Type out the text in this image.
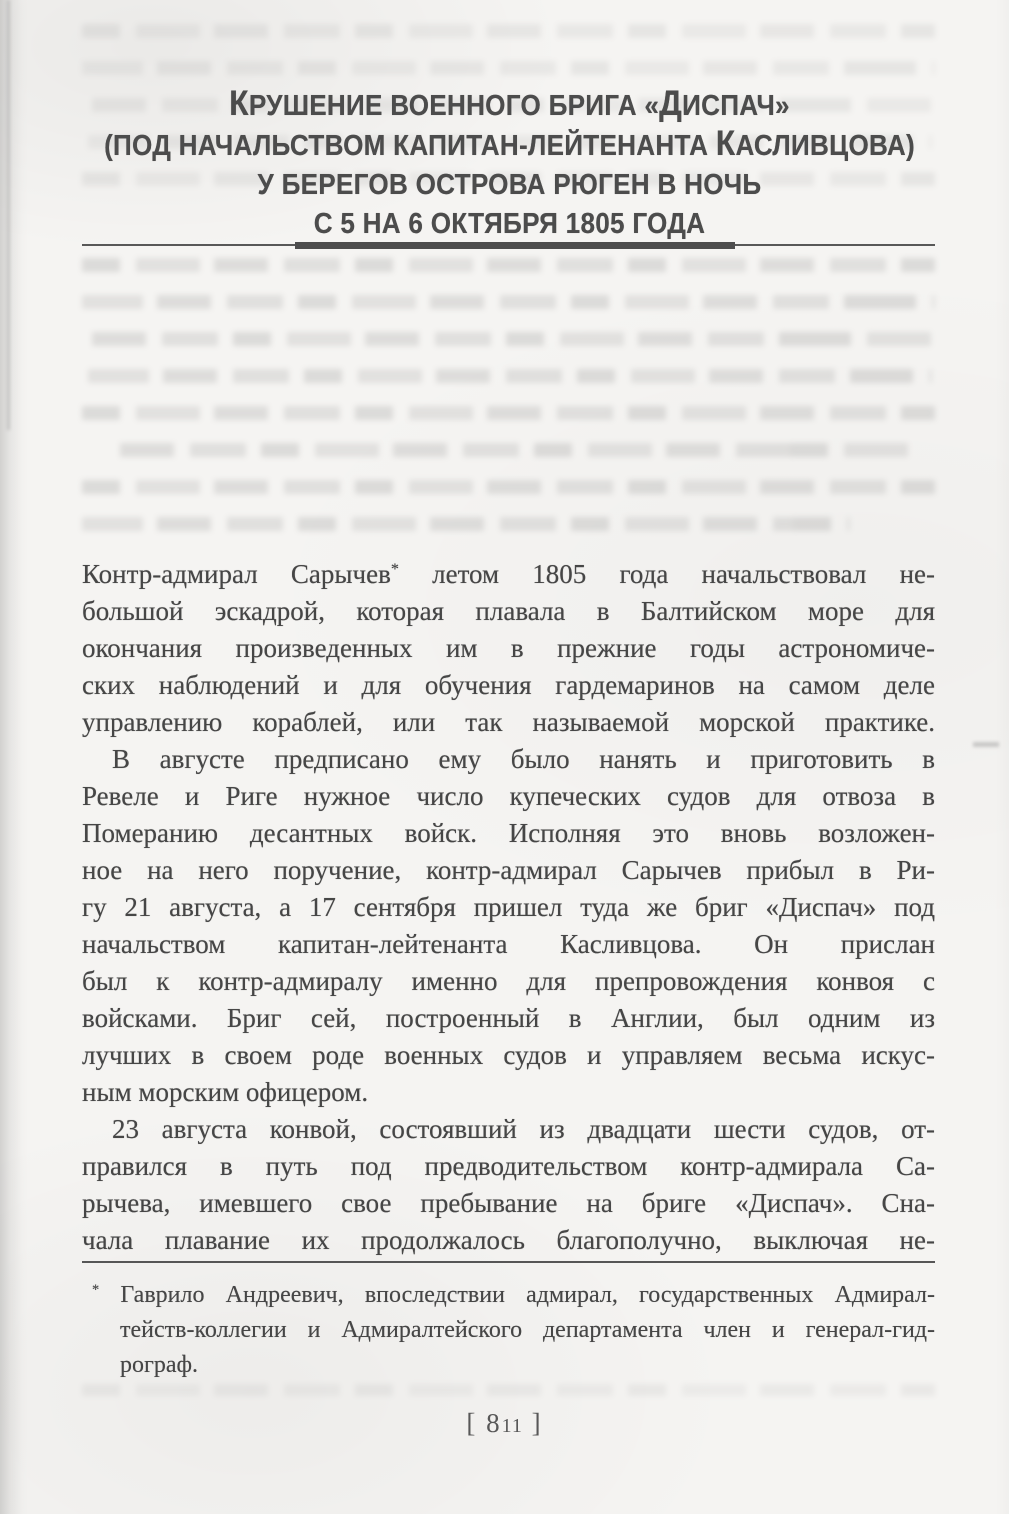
КРУШЕНИЕ ВОЕННОГО БРИГА «ДИСПАЧ»
(ПОД НАЧАЛЬСТВОМ КАПИТАН-ЛЕЙТЕНАНТА КАСЛИВЦОВА)
У БЕРЕГОВ ОСТРОВА РЮГЕН В НОЧЬ
С 5 НА 6 ОКТЯБРЯ 1805 ГОДА
Контр-адмирал Сарычев* летом 1805 года начальствовал не-
большой эскадрой, которая плавала в Балтийском море для
окончания произведенных им в прежние годы астрономиче-
ских наблюдений и для обучения гардемаринов на самом деле
управлению кораблей, или так называемой морской практике.
В августе предписано ему было нанять и приготовить в
Ревеле и Риге нужное число купеческих судов для отвоза в
Померанию десантных войск. Исполняя это вновь возложен-
ное на него поручение, контр-адмирал Сарычев прибыл в Ри-
гу 21 августа, а 17 сентября пришел туда же бриг «Диспач» под
начальством капитан-лейтенанта Касливцова. Он прислан
был к контр-адмиралу именно для препровождения конвоя с
войсками. Бриг сей, построенный в Англии, был одним из
лучших в своем роде военных судов и управляем весьма искус-
ным морским офицером.
23 августа конвой, состоявший из двадцати шести судов, от-
правился в путь под предводительством контр-адмирала Са-
рычева, имевшего свое пребывание на бриге «Диспач». Сна-
чала плавание их продолжалось благополучно, выключая не-
* Гаврило Андреевич, впоследствии адмирал, государственных Адмирал-
тейств-коллегии и Адмиралтейского департамента член и генерал-гид-
рограф.
[ 811 ]
